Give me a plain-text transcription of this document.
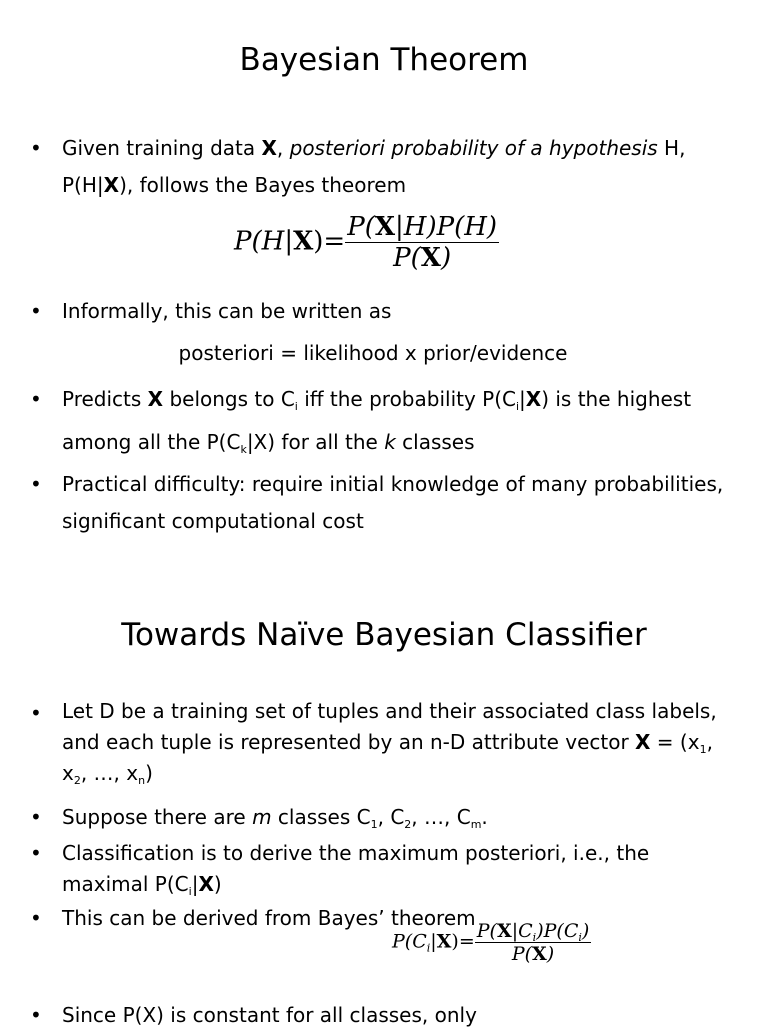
Bayesian Theorem
• Given training data X, posteriori probability of a hypothesis H, P(H|X), follows the Bayes theorem
$P(H|X)= \frac{P(X|H)P(H)}{P(X)}$
• Informally, this can be written as
posteriori = likelihood x prior/evidence
• Predicts X belongs to $C_i$ iff the probability $P(C_i|X)$ is the highest among all the $P(C_k|X)$ for all the k classes
• Practical difficulty: require initial knowledge of many probabilities, significant computational cost
Towards Naïve Bayesian Classifier
• Let D be a training set of tuples and their associated class labels, and each tuple is represented by an n-D attribute vector $X = (x_1$, $x_2$, …, $x_n$)
• Suppose there are m classes $C_1$, $C_2$, …, $C_m$.
• Classification is to derive the maximum posteriori, i.e., the maximal $P(C_i|X)$
• This can be derived from Bayes’ theorem
$P(C_i|X)= \frac{P(X|C_i)P(C_i)}{P(X)}$
• Since P(X) is constant for all classes, only
